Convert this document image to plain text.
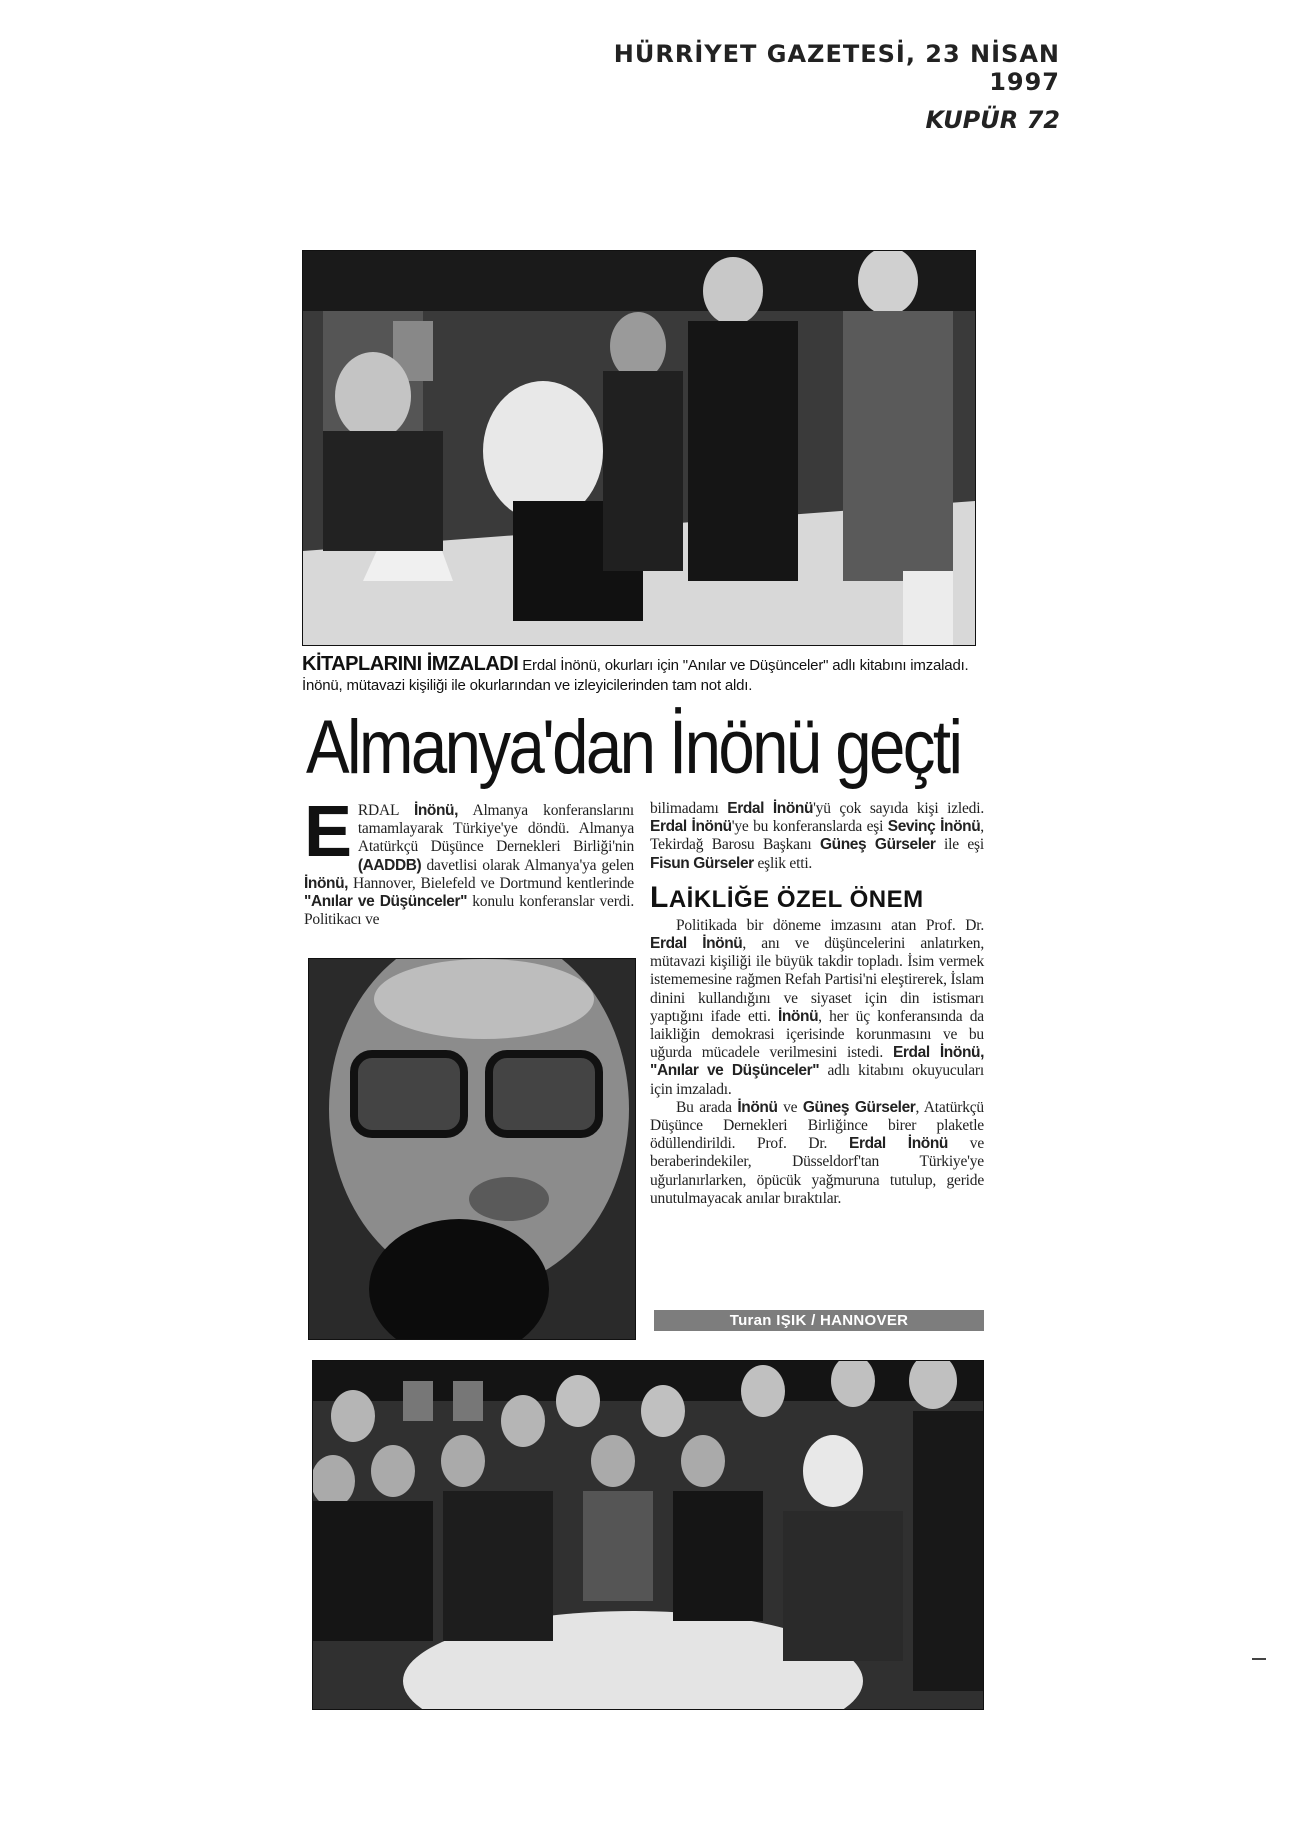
HÜRRİYET GAZETESİ, 23 NİSAN 1997
KUPÜR 72
KİTAPLARINI İMZALADI Erdal İnönü, okurları için "Anılar ve Düşünceler" adlı kitabını imzaladı. İnönü, mütavazi kişiliği ile okurlarından ve izleyicilerinden tam not aldı.
Almanya'dan İnönü geçti
E RDAL İnönü, Almanya konferanslarını tamamlayarak Türkiye'ye döndü. Almanya Atatürkçü Düşünce Dernekleri Birliği'nin (AADDB) davetlisi olarak Almanya'ya gelen İnönü, Hannover, Bielefeld ve Dortmund kentlerinde "Anılar ve Düşünceler" konulu konferanslar verdi. Politikacı ve
bilimadamı Erdal İnönü'yü çok sayıda kişi izledi. Erdal İnönü'ye bu konferanslarda eşi Sevinç İnönü, Tekirdağ Barosu Başkanı Güneş Gürseler ile eşi Fisun Gürseler eşlik etti.
LAİKLİĞE ÖZEL ÖNEM
Politikada bir döneme imzasını atan Prof. Dr. Erdal İnönü, anı ve düşüncelerini anlatırken, mütavazi kişiliği ile büyük takdir topladı. İsim vermek istememesine rağmen Refah Partisi'ni eleştirerek, İslam dinini kullandığını ve siyaset için din istismarı yaptığını ifade etti. İnönü, her üç konferansında da laikliğin demokrasi içerisinde korunmasını ve bu uğurda mücadele verilmesini istedi. Erdal İnönü, "Anılar ve Düşünceler" adlı kitabını okuyucuları için imzaladı.
Bu arada İnönü ve Güneş Gürseler, Atatürkçü Düşünce Dernekleri Birliğince birer plaketle ödüllendirildi. Prof. Dr. Erdal İnönü ve beraberindekiler, Düsseldorf'tan Türkiye'ye uğurlanırlarken, öpücük yağmuruna tutulup, geride unutulmayacak anılar bıraktılar.
Turan IŞIK / HANNOVER
